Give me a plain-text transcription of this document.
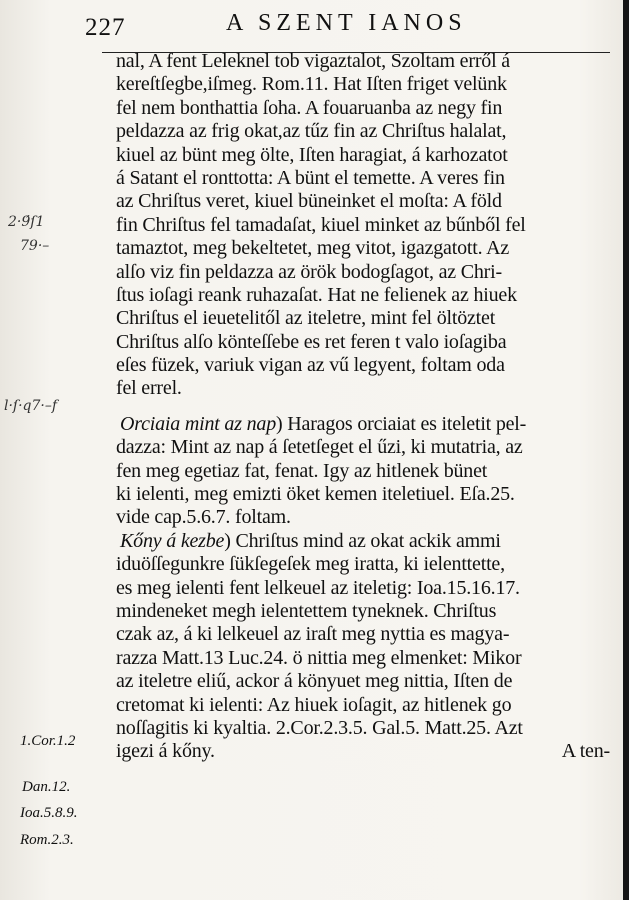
227	A SZENT IANOS
2·9́ſ1
79·–
l·ſ·q7·–f
nal, A fent Leleknel tob vigaztalot, Szoltam erről á
kereſtſegbe,iſmeg. Rom.11. Hat Iſten friget velünk
fel nem bonthattia ſoha. A fouaruanba az negy fin
peldazza az frig okat,az tűz fin az Chriſtus halalat,
kiuel az bünt meg ölte, Iſten haragiat, á karhozatot
á Satant el ronttotta: A bünt el temette. A veres fin
az Chriſtus veret, kiuel büneinket el moſta: A föld
fin Chriſtus fel tamadaſat, kiuel minket az bűnből fel
tamaztot, meg bekeltetet, meg vitot, igazgatott. Az
alſo viz fin peldazza az örök bodogſagot, az Chri-
ſtus ioſagi reank ruhazaſat. Hat ne felienek az hiuek
Chriſtus el ieuetelitől az iteletre, mint fel öltöztet
Chriſtus alſo könteſſebe es ret feren t valo ioſagiba
eſes füzek, variuk vigan az vű legyent, foltam oda
fel errel.
Orciaia mint az nap) Haragos orciaiat es iteletit pel-
dazza: Mint az nap á ſetetſeget el űzi, ki mutatria, az
fen meg egetiaz fat, fenat. Igy az hitlenek bünet
ki ielenti, meg emizti öket kemen iteletiuel. Eſa.25.
vide cap.5.6.7. foltam.
Kőny á kezbe) Chriſtus mind az okat ackik ammi
iduöſſegunkre ſükſegeſek meg iratta, ki ielenttette,
es meg ielenti fent lelkeuel az iteletig: Ioa.15.16.17.
mindeneket megh ielentettem tyneknek. Chriſtus
czak az, á ki lelkeuel az iraſt meg nyttia es magya-
razza Matt.13 Luc.24. ö nittia meg elmenket: Mikor
az iteletre eliű, ackor á könyuet meg nittia, Iſten de
cretomat ki ielenti: Az hiuek ioſagit, az hitlenek go
noſſagitis ki kyaltia. 2.Cor.2.3.5. Gal.5. Matt.25. Azt
igezi á kőny.	A ten-
1.Cor.1.2
Dan.12.
Ioa.5.8.9.
Rom.2.3.
